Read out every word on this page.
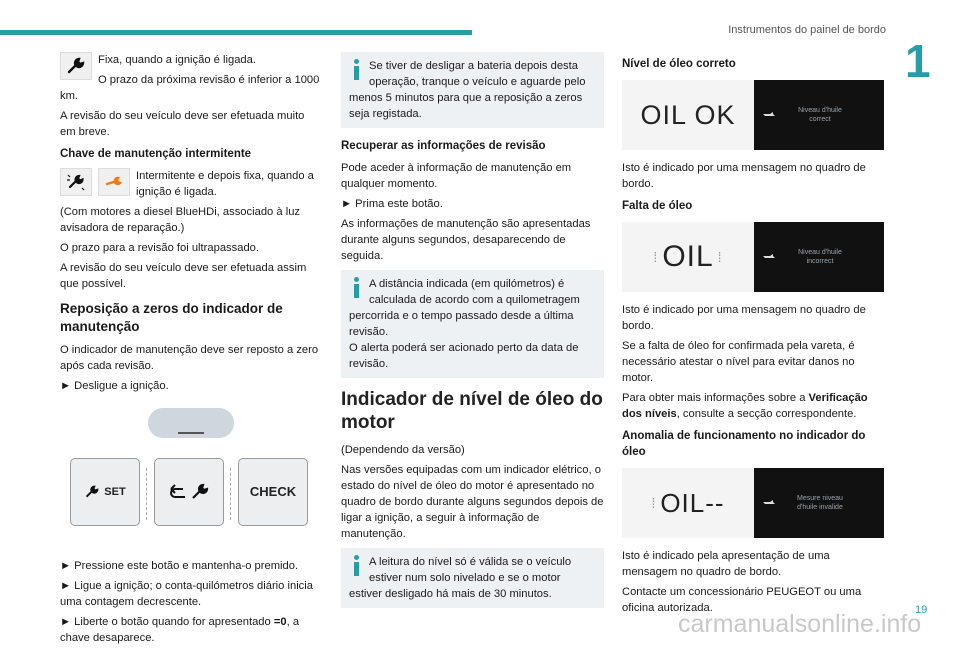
Instrumentos do painel de bordo
1

Fixa, quando a ignição é ligada.

O prazo da próxima revisão é inferior a 1000 km.

A revisão do seu veículo deve ser efetuada muito em breve.

Chave de manutenção intermitente

Intermitente e depois fixa, quando a ignição é ligada.

(Com motores a diesel BlueHDi, associado à luz avisadora de reparação.)

O prazo para a revisão foi ultrapassado.

A revisão do seu veículo deve ser efetuada assim que possível.

Reposição a zeros do indicador de manutenção

O indicador de manutenção deve ser reposto a zero após cada revisão.

► Desligue a ignição.

SET	CHECK

► Pressione este botão e mantenha-o premido.

► Ligue a ignição; o conta-quilómetros diário inicia uma contagem decrescente.

► Liberte o botão quando for apresentado =0, a chave desaparece.

Se tiver de desligar a bateria depois desta operação, tranque o veículo e aguarde pelo menos 5 minutos para que a reposição a zeros seja registada.
Recuperar as informações de revisão

Pode aceder à informação de manutenção em qualquer momento.

► Prima este botão.

As informações de manutenção são apresentadas durante alguns segundos, desaparecendo de seguida.

A distância indicada (em quilómetros) é calculada de acordo com a quilometragem percorrida e o tempo passado desde a última revisão.
O alerta poderá ser acionado perto da data de revisão.
Indicador de nível de óleo do motor

(Dependendo da versão)

Nas versões equipadas com um indicador elétrico, o estado do nível de óleo do motor é apresentado no quadro de bordo durante alguns segundos depois de ligar a ignição, a seguir à informação de manutenção.

A leitura do nível só é válida se o veículo estiver num solo nivelado e se o motor estiver desligado há mais de 30 minutos.
Nível de óleo correto
OIL OK	Niveau d'huile
correct

Isto é indicado por uma mensagem no quadro de bordo.

Falta de óleo
⁞ OIL ⁞	Niveau d'huile
incorrect

Isto é indicado por uma mensagem no quadro de bordo.

Se a falta de óleo for confirmada pela vareta, é necessário atestar o nível para evitar danos no motor.

Para obter mais informações sobre a Verificação dos níveis, consulte a secção correspondente.

Anomalia de funcionamento no indicador do óleo
⁞ OIL--	Mesure niveau
d'huile invalide

Isto é indicado pela apresentação de uma mensagem no quadro de bordo.

Contacte um concessionário PEUGEOT ou uma oficina autorizada.

carmanualsonline.info
19
